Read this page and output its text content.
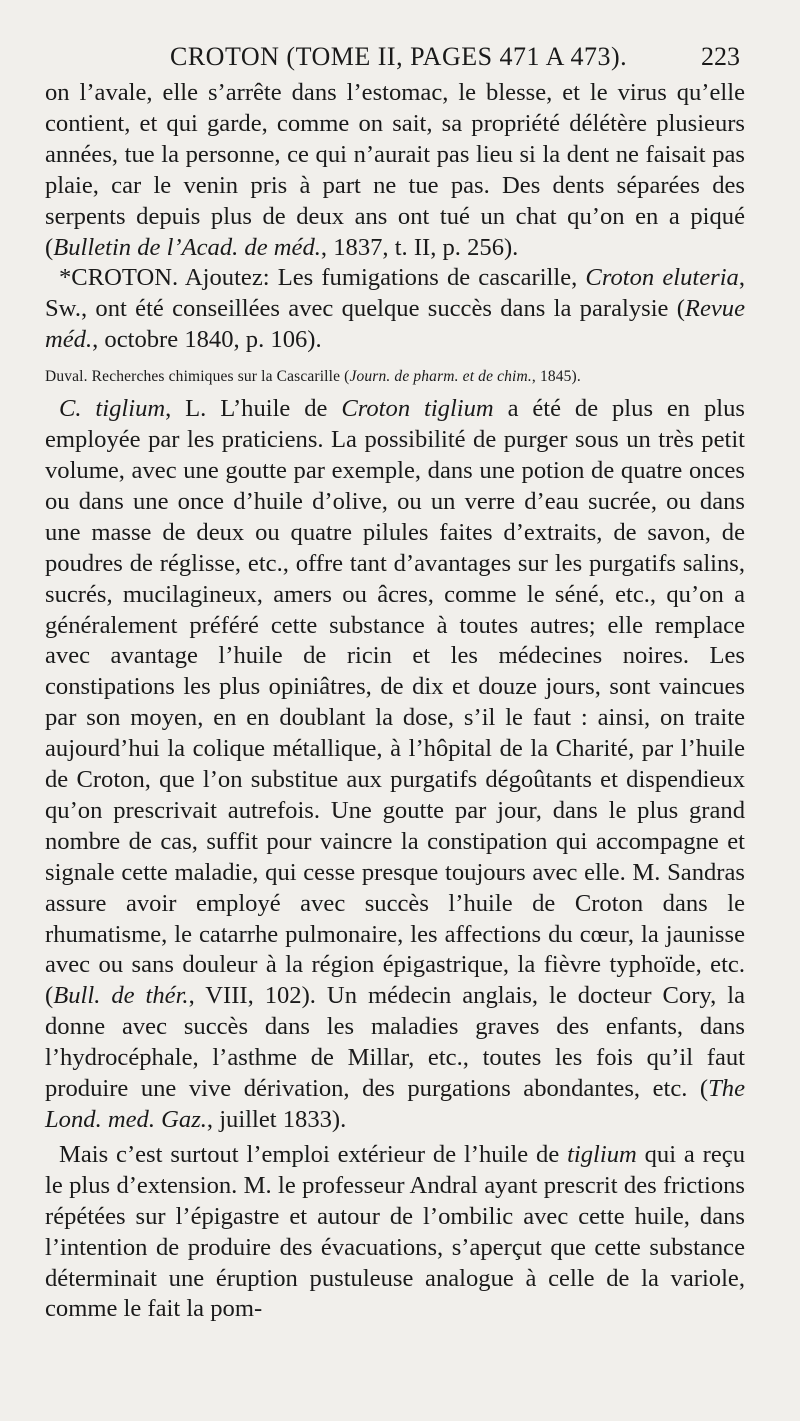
CROTON (TOME II, PAGES 471 A 473).	223

on l’avale, elle s’arrête dans l’estomac, le blesse, et le virus qu’elle contient, et qui garde, comme on sait, sa propriété délétère plusieurs années, tue la personne, ce qui n’aurait pas lieu si la dent ne faisait pas plaie, car le venin pris à part ne tue pas. Des dents séparées des serpents depuis plus de deux ans ont tué un chat qu’on en a piqué (Bulletin de l’Acad. de méd., 1837, t. II, p. 256).

*CROTON. Ajoutez: Les fumigations de cascarille, Croton eluteria, Sw., ont été conseillées avec quelque succès dans la paralysie (Revue méd., octobre 1840, p. 106).

Duval. Recherches chimiques sur la Cascarille (Journ. de pharm. et de chim., 1845).

C. tiglium, L. L’huile de Croton tiglium a été de plus en plus employée par les praticiens. La possibilité de purger sous un très petit volume, avec une goutte par exemple, dans une potion de quatre onces ou dans une once d’huile d’olive, ou un verre d’eau sucrée, ou dans une masse de deux ou quatre pilules faites d’extraits, de savon, de poudres de réglisse, etc., offre tant d’avantages sur les purgatifs salins, sucrés, mucilagineux, amers ou âcres, comme le séné, etc., qu’on a généralement préféré cette substance à toutes autres; elle remplace avec avantage l’huile de ricin et les médecines noires. Les constipations les plus opiniâtres, de dix et douze jours, sont vaincues par son moyen, en en doublant la dose, s’il le faut : ainsi, on traite aujourd’hui la colique métallique, à l’hôpital de la Charité, par l’huile de Croton, que l’on substitue aux purgatifs dégoûtants et dispendieux qu’on prescrivait autrefois. Une goutte par jour, dans le plus grand nombre de cas, suffit pour vaincre la constipation qui accompagne et signale cette maladie, qui cesse presque toujours avec elle. M. Sandras assure avoir employé avec succès l’huile de Croton dans le rhumatisme, le catarrhe pulmonaire, les affections du cœur, la jaunisse avec ou sans douleur à la région épigastrique, la fièvre typhoïde, etc. (Bull. de thér., VIII, 102). Un médecin anglais, le docteur Cory, la donne avec succès dans les maladies graves des enfants, dans l’hydrocéphale, l’asthme de Millar, etc., toutes les fois qu’il faut produire une vive dérivation, des purgations abondantes, etc. (The Lond. med. Gaz., juillet 1833).

Mais c’est surtout l’emploi extérieur de l’huile de tiglium qui a reçu le plus d’extension. M. le professeur Andral ayant prescrit des frictions répétées sur l’épigastre et autour de l’ombilic avec cette huile, dans l’intention de produire des évacuations, s’aperçut que cette substance déterminait une éruption pustuleuse analogue à celle de la variole, comme le fait la pom-
